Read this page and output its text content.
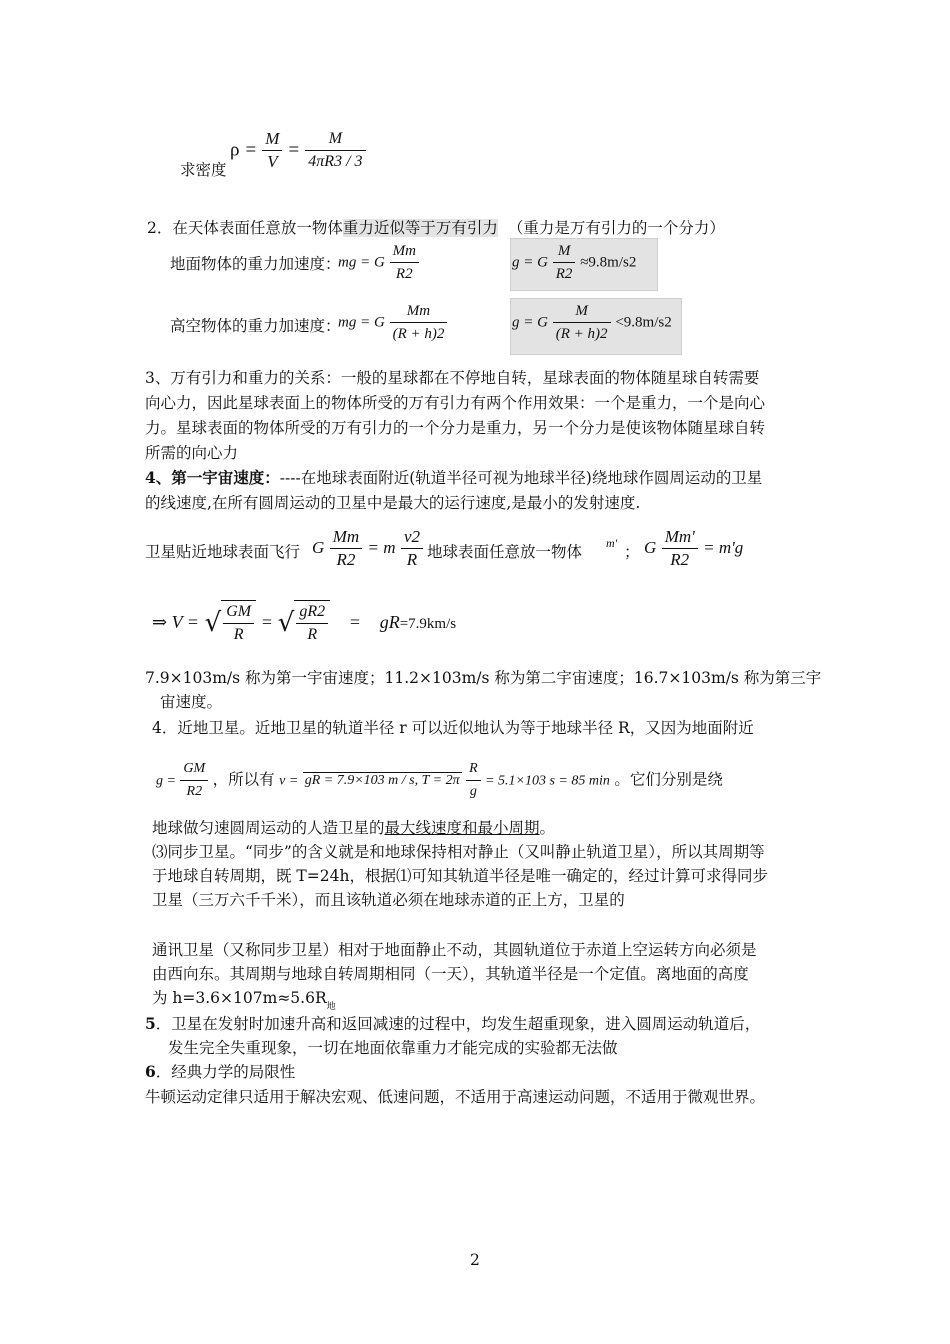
求密度
$\rho = \frac{M}{V} = \frac{M}{4\pi R3 / 3}$
2．在天体表面任意放一物体重力近似等于万有引力 （重力是万有引力的一个分力）
地面物体的重力加速度：
mg = G $\frac{Mm}{R2}$	g = G $\frac{M}{R2} \approx 9.8m/s2$
高空物体的重力加速度：
mg = G $\frac{Mm}{(R + h)2}$	g = G $\frac{M}{(R + h)2} <9.8m/s2$
3、万有引力和重力的关系：一般的星球都在不停地自转，星球表面的物体随星球自转需要
向心力，因此星球表面上的物体所受的万有引力有两个作用效果：一个是重力，一个是向心
力。星球表面的物体所受的万有引力的一个分力是重力，另一个分力是使该物体随星球自转
所需的向心力
4、第一宇宙速度：----在地球表面附近(轨道半径可视为地球半径)绕地球作圆周运动的卫星
的线速度,在所有圆周运动的卫星中是最大的运行速度,是最小的发射速度.
卫星贴近地球表面飞行 G $\frac{Mm}{R2} = m \frac{v2}{R}$ 地球表面任意放一物体 m' ； G $\frac{Mm'}{R2} = m'g$
⇒ V = √ $\frac{GM}{R}$ = √ $\frac{gR2}{R} = gR=7.9km/s$
7.9×103m/s 称为第一宇宙速度；11.2×103m/s 称为第二宇宙速度；16.7×103m/s 称为第三宇
宙速度。
4．近地卫星。近地卫星的轨道半径 r 可以近似地认为等于地球半径 R，又因为地面附近
$g = \frac{GM}{R2}$ ，所以有 v = gR = 7.9×103 m / s, $T = 2\pi \frac{R}{g} = 5.1\times 103$ s = 85 min 。它们分别是绕
地球做匀速圆周运动的人造卫星的最大线速度和最小周期。
⑶同步卫星。“同步”的含义就是和地球保持相对静止（又叫静止轨道卫星），所以其周期等
于地球自转周期，既 T=24h，根据⑴可知其轨道半径是唯一确定的，经过计算可求得同步
卫星（三万六千千米），而且该轨道必须在地球赤道的正上方，卫星的
通讯卫星（又称同步卫星）相对于地面静止不动，其圆轨道位于赤道上空运转方向必须是
由西向东。其周期与地球自转周期相同（一天），其轨道半径是一个定值。离地面的高度
为 $h=3.6\times 107m\approx 5.6R_地$
5．卫星在发射时加速升高和返回减速的过程中，均发生超重现象，进入圆周运动轨道后，
发生完全失重现象，一切在地面依靠重力才能完成的实验都无法做
6．经典力学的局限性
牛顿运动定律只适用于解决宏观、低速问题，不适用于高速运动问题，不适用于微观世界。
2
